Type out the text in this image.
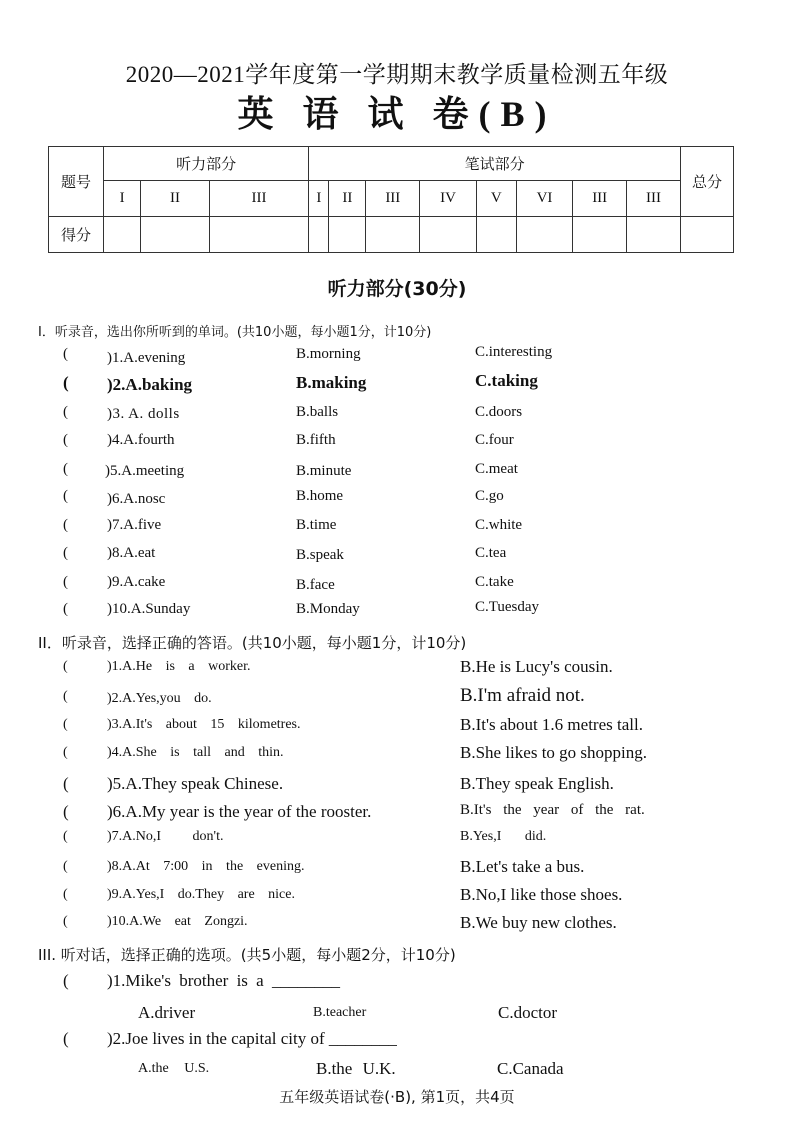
2020—2021学年度第一学期期末教学质量检测五年级
英 语 试 卷(B)
题号	听力部分			笔试部分								总分
	I	II	III	I	II	III	IV	V	VI	III	III	
得分												
听力部分(30分)
I．听录音，选出你所听到的单词。(共10小题，每小题1分，计10分)
(	)1.A.evening	B.morning	C.interesting
( )2.A.baking	B.making	C.taking
(	)3. A. dolls	B.balls	C.doors
(	)4.A.fourth	B.fifth	C.four
( )5.A.meeting	B.minute	C.meat
(	)6.A.nosc	B.home	C.go
(	)7.A.five	B.time	C.white
(	)8.A.eat	B.speak	C.tea
(	)9.A.cake	B.face	C.take
(	)10.A.Sunday	B.Monday	C.Tuesday
II．听录音，选择正确的答语。(共10小题，每小题1分，计10分)
(	)1.A.He is a worker.	B.He is Lucy's cousin.
(	)2.A.Yes,you do.	B.I'm afraid not.
(	)3.A.It's about 15 kilometres.	B.It's about 1.6 metres tall.
(	)4.A.She is tall and thin.	B.She likes to go shopping.
( )5.A.They speak Chinese.	B.They speak English.
( )6.A.My year is the year of the rooster.	B.It's the year of the rat.
(	)7.A.No,I don't.	B.Yes,I did.
(	)8.A.At 7:00 in the evening.	B.Let's take a bus.
(	)9.A.Yes,I do.They are nice.	B.No,I like those shoes.
(	)10.A.We eat Zongzi.	B.We buy new clothes.
III. 听对话，选择正确的选项。(共5小题，每小题2分，计10分)
( )1.Mike's brother is a ________
A.driver	B.teacher	C.doctor
( )2.Joe lives in the capital city of ________
A.the U.S.	B.the U.K.	C.Canada
五年级英语试卷(·B), 第1页，共4页
